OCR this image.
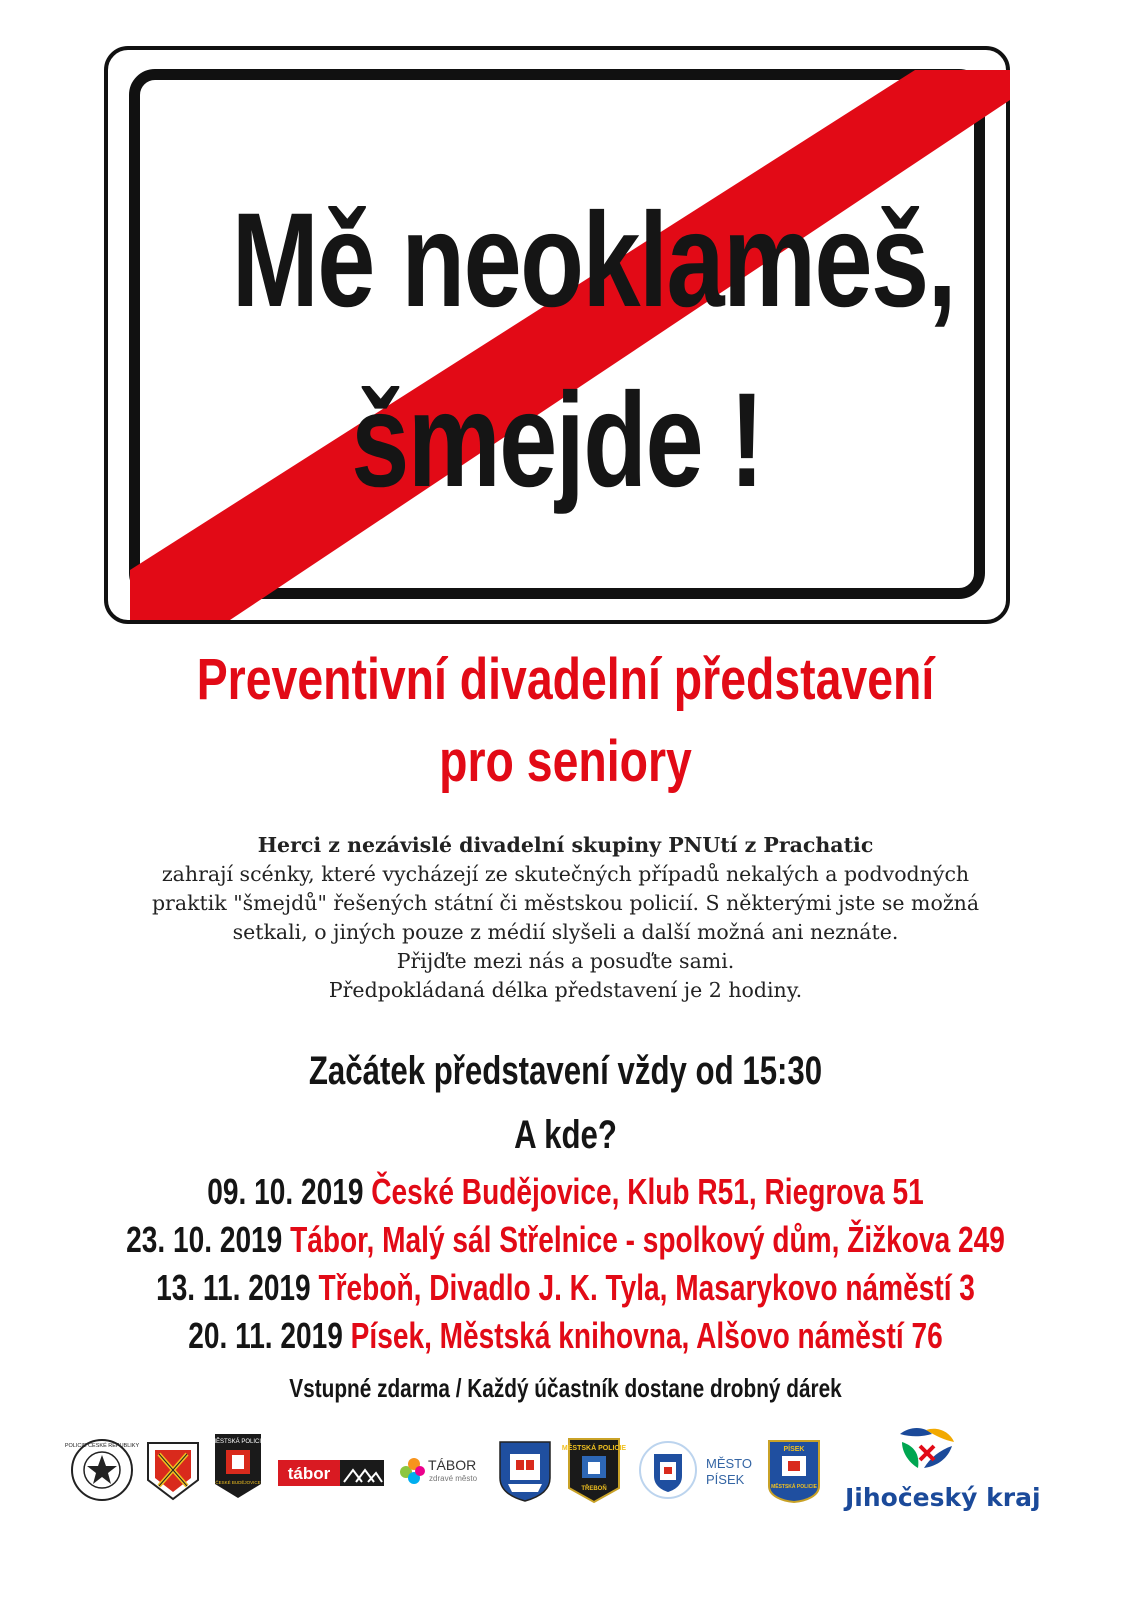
Mě neoklameš,
šmejde !
Preventivní divadelní představení
pro seniory
Herci z nezávislé divadelní skupiny PNUtí z Prachatic
zahrají scénky, které vycházejí ze skutečných případů nekalých a podvodných
praktik "šmejdů" řešených státní či městskou policií. S některými jste se možná
setkali, o jiných pouze z médií slyšeli a další možná ani neznáte.
Přijďte mezi nás a posuďte sami.
Předpokládaná délka představení je 2 hodiny.
Začátek představení vždy od 15:30
A kde?
09. 10. 2019 České Budějovice, Klub R51, Riegrova 51
23. 10. 2019 Tábor, Malý sál Střelnice - spolkový dům, Žižkova 249
13. 11. 2019 Třeboň, Divadlo J. K. Tyla, Masarykovo náměstí 3
20. 11. 2019 Písek, Městská knihovna, Alšovo náměstí 76
Vstupné zdarma / Každý účastník dostane drobný dárek
POLICIE ČESKÉ REPUBLIKY
MĚSTSKÁ POLICIE
ČESKÉ BUDĚJOVICE tábor	TÁBOR
zdravé město
MĚSTSKÁ POLICIE
TŘEBOŇ
MĚSTO
PÍSEK
PÍSEK
MĚSTSKÁ POLICIE Jihočeský kraj
